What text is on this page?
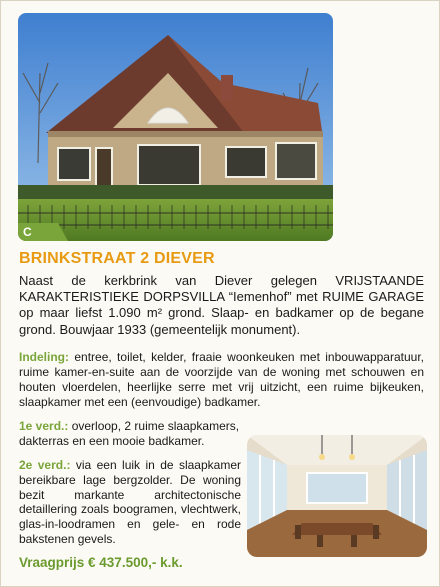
C
BRINKSTRAAT 2 DIEVER
Naast de kerkbrink van Diever gelegen VRIJSTAANDE KARAKTERISTIEKE DORPSVILLA “Iemenhof” met RUIME GARAGE op maar liefst 1.090 m² grond. Slaap- en badkamer op de begane grond. Bouwjaar 1933 (gemeentelijk monument).
Indeling: entree, toilet, kelder, fraaie woonkeuken met inbouwapparatuur, ruime kamer-en-suite aan de voorzijde van de woning met schouwen en houten vloerdelen, heerlijke serre met vrij uitzicht, een ruime bijkeuken, slaapkamer met een (eenvoudige) badkamer.
1e verd.: overloop, 2 ruime slaapkamers, dakterras en een mooie badkamer.
2e verd.: via een luik in de slaapkamer bereikbare lage bergzolder. De woning bezit markante architectonische detaillering zoals boogramen, vlechtwerk, glas-in-loodramen en gele- en rode bakstenen gevels.
Vraagprijs € 437.500,- k.k.
